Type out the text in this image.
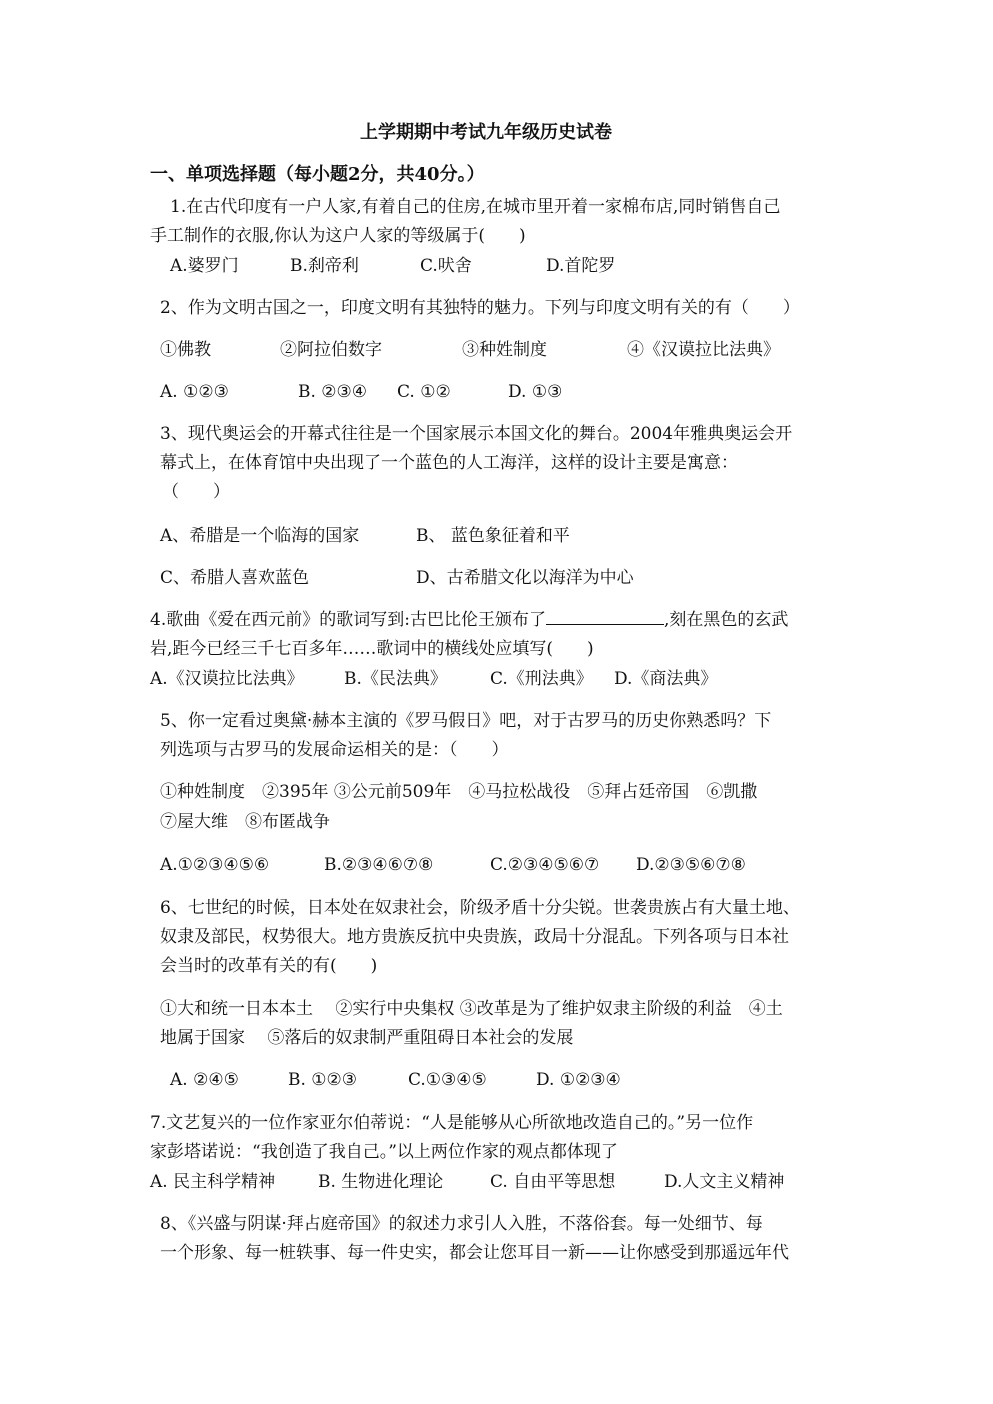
上学期期中考试九年级历史试卷
一、单项选择题（每小题2分，共40分。）
1.在古代印度有一户人家,有着自己的住房,在城市里开着一家棉布店,同时销售自己
手工制作的衣服,你认为这户人家的等级属于(　　)
A.婆罗门	B.刹帝利	C.吠舍	D.首陀罗
2、作为文明古国之一，印度文明有其独特的魅力。下列与印度文明有关的有（　　）
①佛教	②阿拉伯数字	③种姓制度	④《汉谟拉比法典》
A. ①②③	B. ②③④ C. ①②	D. ①③
3、现代奥运会的开幕式往往是一个国家展示本国文化的舞台。2004年雅典奥运会开
幕式上，在体育馆中央出现了一个蓝色的人工海洋，这样的设计主要是寓意：
（　　）
A、希腊是一个临海的国家	B、 蓝色象征着和平
C、希腊人喜欢蓝色	D、古希腊文化以海洋为中心
4.歌曲《爱在西元前》的歌词写到:古巴比伦王颁布了	,刻在黑色的玄武
岩,距今已经三千七百多年……歌词中的横线处应填写(　　)
A.《汉谟拉比法典》 B.《民法典》	C.《刑法典》 D.《商法典》
5、你一定看过奥黛·赫本主演的《罗马假日》吧，对于古罗马的历史你熟悉吗？下
列选项与古罗马的发展命运相关的是：（　　）
①种姓制度　②395年 ③公元前509年　④马拉松战役　⑤拜占廷帝国　⑥凯撒
⑦屋大维　⑧布匿战争
A.①②③④⑤⑥	B.②③④⑥⑦⑧	C.②③④⑤⑥⑦ D.②③⑤⑥⑦⑧
6、七世纪的时候，日本处在奴隶社会，阶级矛盾十分尖锐。世袭贵族占有大量土地、
奴隶及部民，权势很大。地方贵族反抗中央贵族，政局十分混乱。下列各项与日本社
会当时的改革有关的有(　　)
①大和统一日本本土　 ②实行中央集权 ③改革是为了维护奴隶主阶级的利益　④土
地属于国家　 ⑤落后的奴隶制严重阻碍日本社会的发展
A. ②④⑤	B. ①②③	C.①③④⑤	D. ①②③④
7.文艺复兴的一位作家亚尔伯蒂说：“人是能够从心所欲地改造自己的。”另一位作
家彭塔诺说：“我创造了我自己。”以上两位作家的观点都体现了
A. 民主科学精神	B. 生物进化理论	C. 自由平等思想	D.人文主义精神
8、《兴盛与阴谋·拜占庭帝国》的叙述力求引人入胜，不落俗套。每一处细节、每
一个形象、每一桩轶事、每一件史实，都会让您耳目一新——让你感受到那遥远年代
